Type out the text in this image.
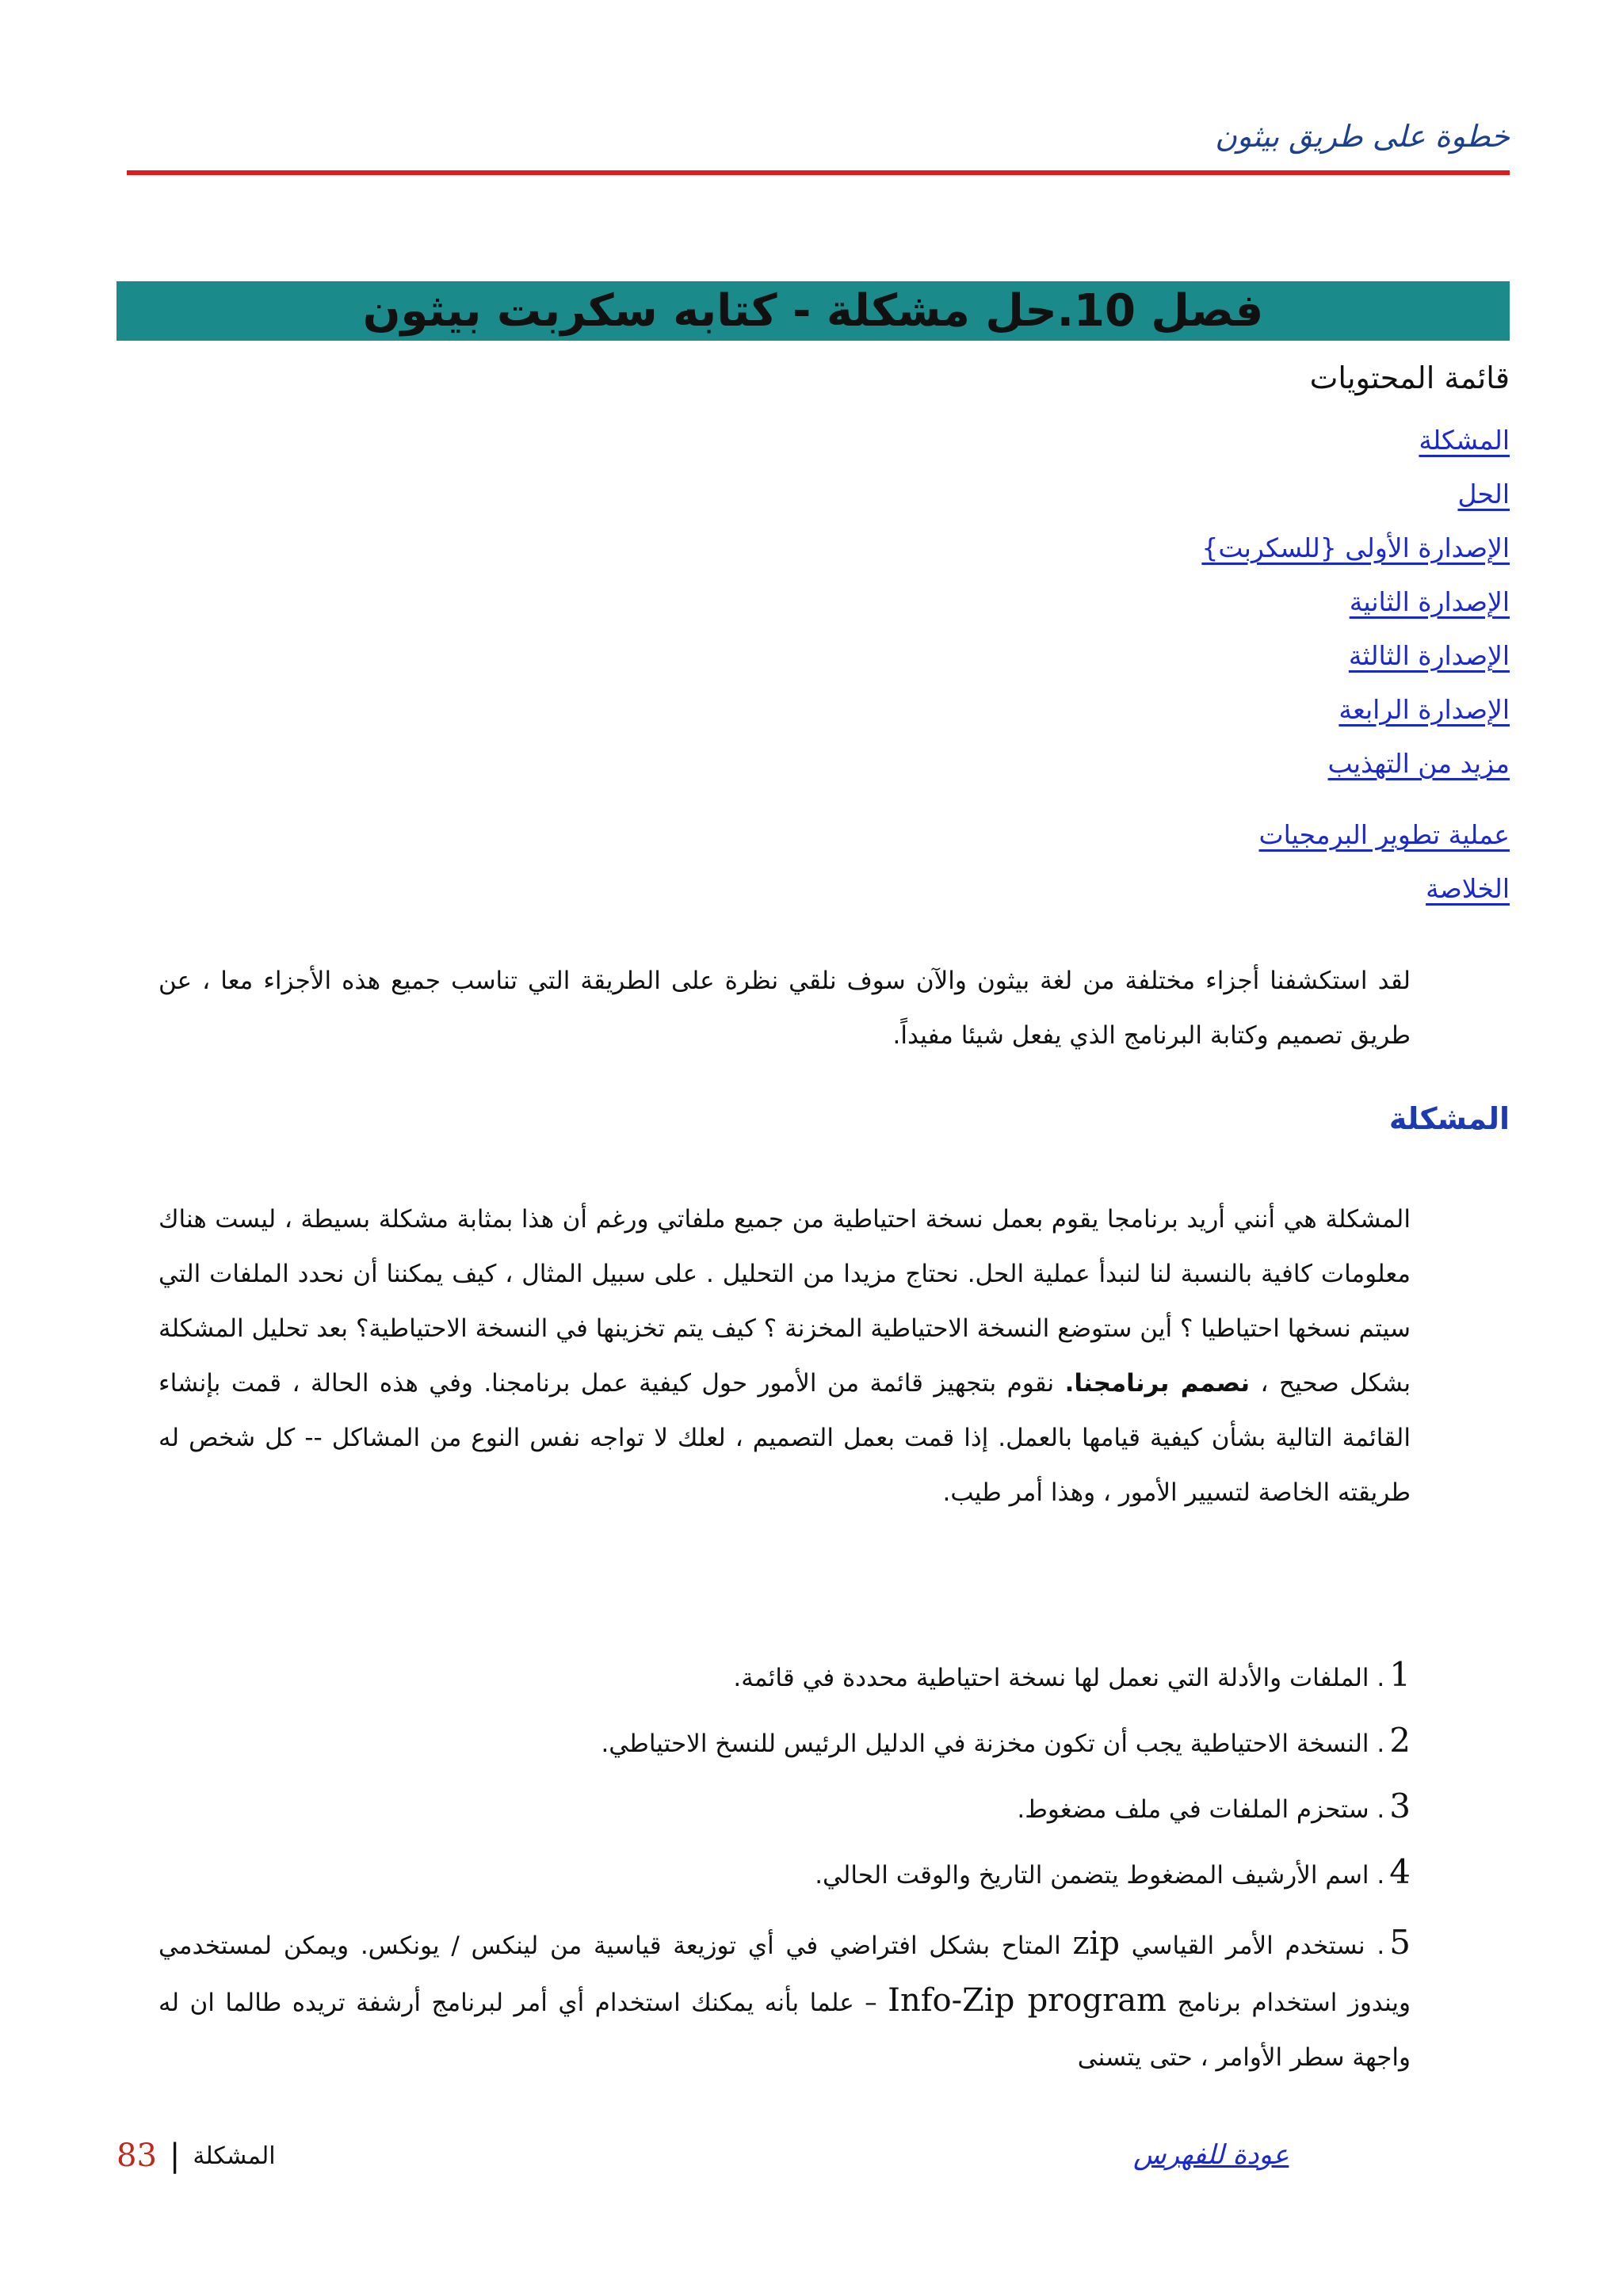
خطوة على طريق بيثون
فصل 10.حل مشكلة - كتابه سكربت بيثون
قائمة المحتويات
المشكلة
الحل
الإصدارة الأولى {للسكربت}
الإصدارة الثانية
الإصدارة الثالثة
الإصدارة الرابعة
مزيد من التهذيب
عملية تطوير البرمجيات
الخلاصة

لقد استكشفنا أجزاء مختلفة من لغة بيثون والآن سوف نلقي نظرة على الطريقة التي تناسب جميع هذه الأجزاء معا ، عن طريق تصميم وكتابة البرنامج الذي يفعل شيئا مفيداً.

المشكلة

المشكلة هي أنني أريد برنامجا يقوم بعمل نسخة احتياطية من جميع ملفاتي ورغم أن هذا بمثابة مشكلة بسيطة ، ليست هناك معلومات كافية بالنسبة لنا لنبدأ عملية الحل. نحتاج مزيدا من التحليل . على سبيل المثال ، كيف يمكننا أن نحدد الملفات التي سيتم نسخها احتياطيا ؟ أين ستوضع النسخة الاحتياطية المخزنة ؟ كيف يتم تخزينها في النسخة الاحتياطية؟ بعد تحليل المشكلة بشكل صحيح ، نصمم برنامجنا. نقوم بتجهيز قائمة من الأمور حول كيفية عمل برنامجنا. وفي هذه الحالة ، قمت بإنشاء القائمة التالية بشأن كيفية قيامها بالعمل. إذا قمت بعمل التصميم ، لعلك لا تواجه نفس النوع من المشاكل -- كل شخص له طريقته الخاصة لتسيير الأمور ، وهذا أمر طيب.

1. الملفات والأدلة التي نعمل لها نسخة احتياطية محددة في قائمة.
2. النسخة الاحتياطية يجب أن تكون مخزنة في الدليل الرئيس للنسخ الاحتياطي.
3. ستحزم الملفات في ملف مضغوط.
4. اسم الأرشيف المضغوط يتضمن التاريخ والوقت الحالي.
5. نستخدم الأمر القياسي zip المتاح بشكل افتراضي في أي توزيعة قياسية من لينكس / يونكس. ويمكن لمستخدمي ويندوز استخدام برنامج Info-Zip program – علما بأنه يمكنك استخدام أي أمر لبرنامج أرشفة تريده طالما ان له واجهة سطر الأوامر ، حتى يتسنى
83 | المشكلة	عودة للفهرس
